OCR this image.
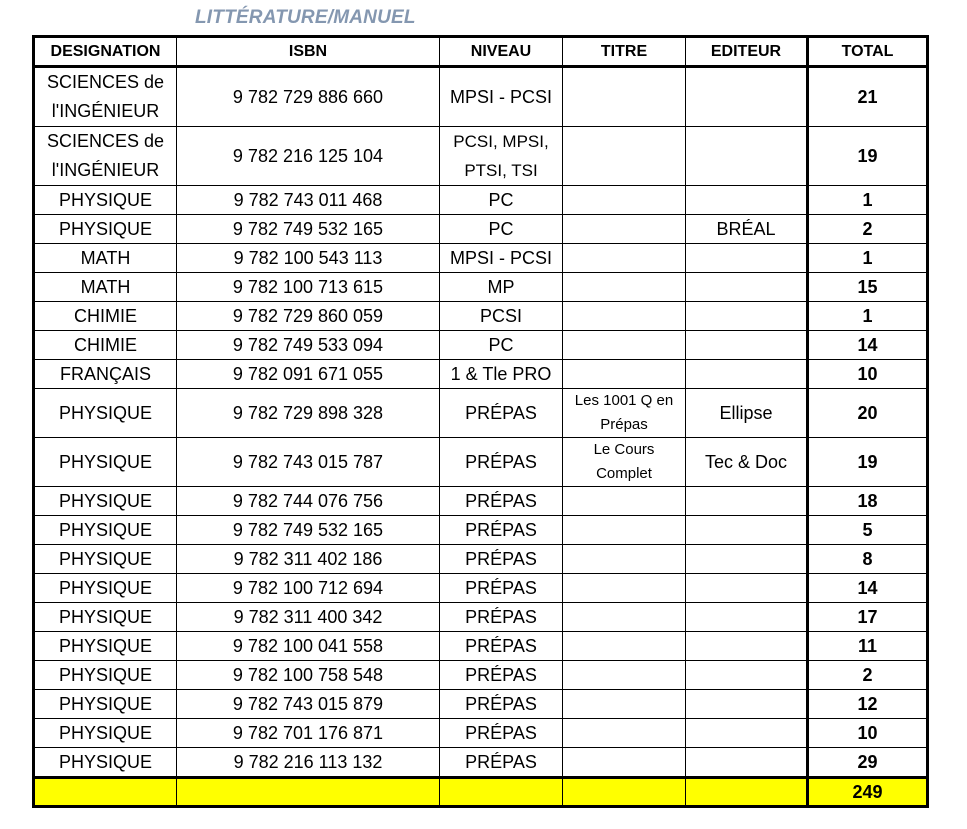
LITTÉRATURE/MANUEL
DESIGNATION	ISBN	NIVEAU	TITRE	EDITEUR	TOTAL
SCIENCES de l'INGÉNIEUR	9 782 729 886 660	MPSI - PCSI			21
SCIENCES de l'INGÉNIEUR	9 782 216 125 104	PCSI, MPSI, PTSI, TSI			19
PHYSIQUE	9 782 743 011 468	PC			1
PHYSIQUE	9 782 749 532 165	PC		BRÉAL	2
MATH	9 782 100 543 113	MPSI - PCSI			1
MATH	9 782 100 713 615	MP			15
CHIMIE	9 782 729 860 059	PCSI			1
CHIMIE	9 782 749 533 094	PC			14
FRANÇAIS	9 782 091 671 055	1 & Tle PRO			10
PHYSIQUE	9 782 729 898 328	PRÉPAS	Les 1001 Q en Prépas	Ellipse	20
PHYSIQUE	9 782 743 015 787	PRÉPAS	Le Cours Complet	Tec & Doc	19
PHYSIQUE	9 782 744 076 756	PRÉPAS			18
PHYSIQUE	9 782 749 532 165	PRÉPAS			5
PHYSIQUE	9 782 311 402 186	PRÉPAS			8
PHYSIQUE	9 782 100 712 694	PRÉPAS			14
PHYSIQUE	9 782 311 400 342	PRÉPAS			17
PHYSIQUE	9 782 100 041 558	PRÉPAS			11
PHYSIQUE	9 782 100 758 548	PRÉPAS			2
PHYSIQUE	9 782 743 015 879	PRÉPAS			12
PHYSIQUE	9 782 701 176 871	PRÉPAS			10
PHYSIQUE	9 782 216 113 132	PRÉPAS			29
					249
